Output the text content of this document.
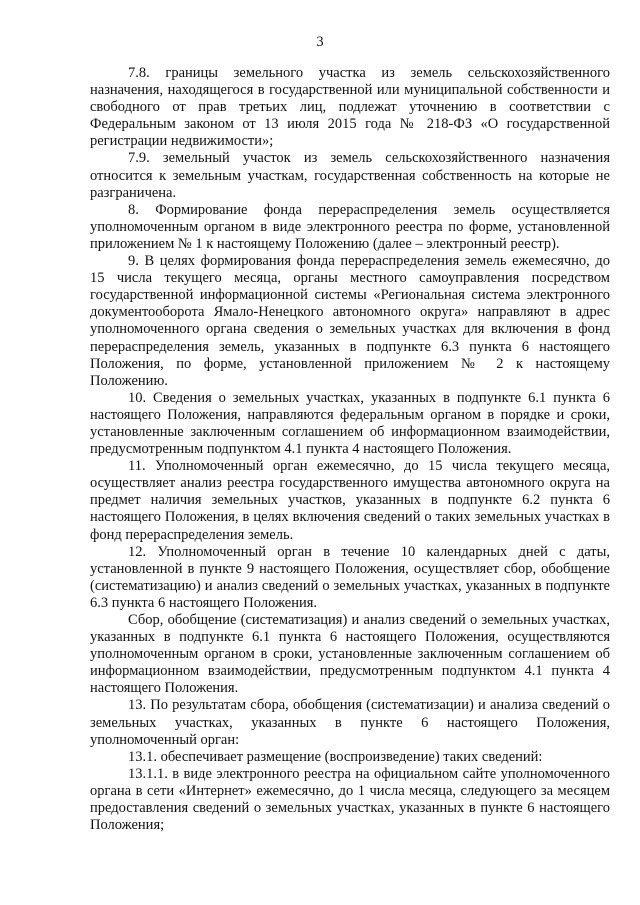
3

7.8. границы земельного участка из земель сельскохозяйственного назначения, находящегося в государственной или муниципальной собственности и свободного от прав третьих лиц, подлежат уточнению в соответствии с Федеральным законом от 13 июля 2015 года № 218-ФЗ «О государственной регистрации недвижимости»;

7.9. земельный участок из земель сельскохозяйственного назначения относится к земельным участкам, государственная собственность на которые не разграничена.

8. Формирование фонда перераспределения земель осуществляется уполномоченным органом в виде электронного реестра по форме, установленной приложением № 1 к настоящему Положению (далее – электронный реестр).

9. В целях формирования фонда перераспределения земель ежемесячно, до 15 числа текущего месяца, органы местного самоуправления посредством государственной информационной системы «Региональная система электронного документооборота Ямало-Ненецкого автономного округа» направляют в адрес уполномоченного органа сведения о земельных участках для включения в фонд перераспределения земель, указанных в подпункте 6.3 пункта 6 настоящего Положения, по форме, установленной приложением № 2 к настоящему Положению.

10. Сведения о земельных участках, указанных в подпункте 6.1 пункта 6 настоящего Положения, направляются федеральным органом в порядке и сроки, установленные заключенным соглашением об информационном взаимодействии, предусмотренным подпунктом 4.1 пункта 4 настоящего Положения.

11. Уполномоченный орган ежемесячно, до 15 числа текущего месяца, осуществляет анализ реестра государственного имущества автономного округа на предмет наличия земельных участков, указанных в подпункте 6.2 пункта 6 настоящего Положения, в целях включения сведений о таких земельных участках в фонд перераспределения земель.

12. Уполномоченный орган в течение 10 календарных дней с даты, установленной в пункте 9 настоящего Положения, осуществляет сбор, обобщение (систематизацию) и анализ сведений о земельных участках, указанных в подпункте 6.3 пункта 6 настоящего Положения.

Сбор, обобщение (систематизация) и анализ сведений о земельных участках, указанных в подпункте 6.1 пункта 6 настоящего Положения, осуществляются уполномоченным органом в сроки, установленные заключенным соглашением об информационном взаимодействии, предусмотренным подпунктом 4.1 пункта 4 настоящего Положения.

13. По результатам сбора, обобщения (систематизации) и анализа сведений о земельных участках, указанных в пункте 6 настоящего Положения, уполномоченный орган:

13.1. обеспечивает размещение (воспроизведение) таких сведений:

13.1.1. в виде электронного реестра на официальном сайте уполномоченного органа в сети «Интернет» ежемесячно, до 1 числа месяца, следующего за месяцем предоставления сведений о земельных участках, указанных в пункте 6 настоящего Положения;
